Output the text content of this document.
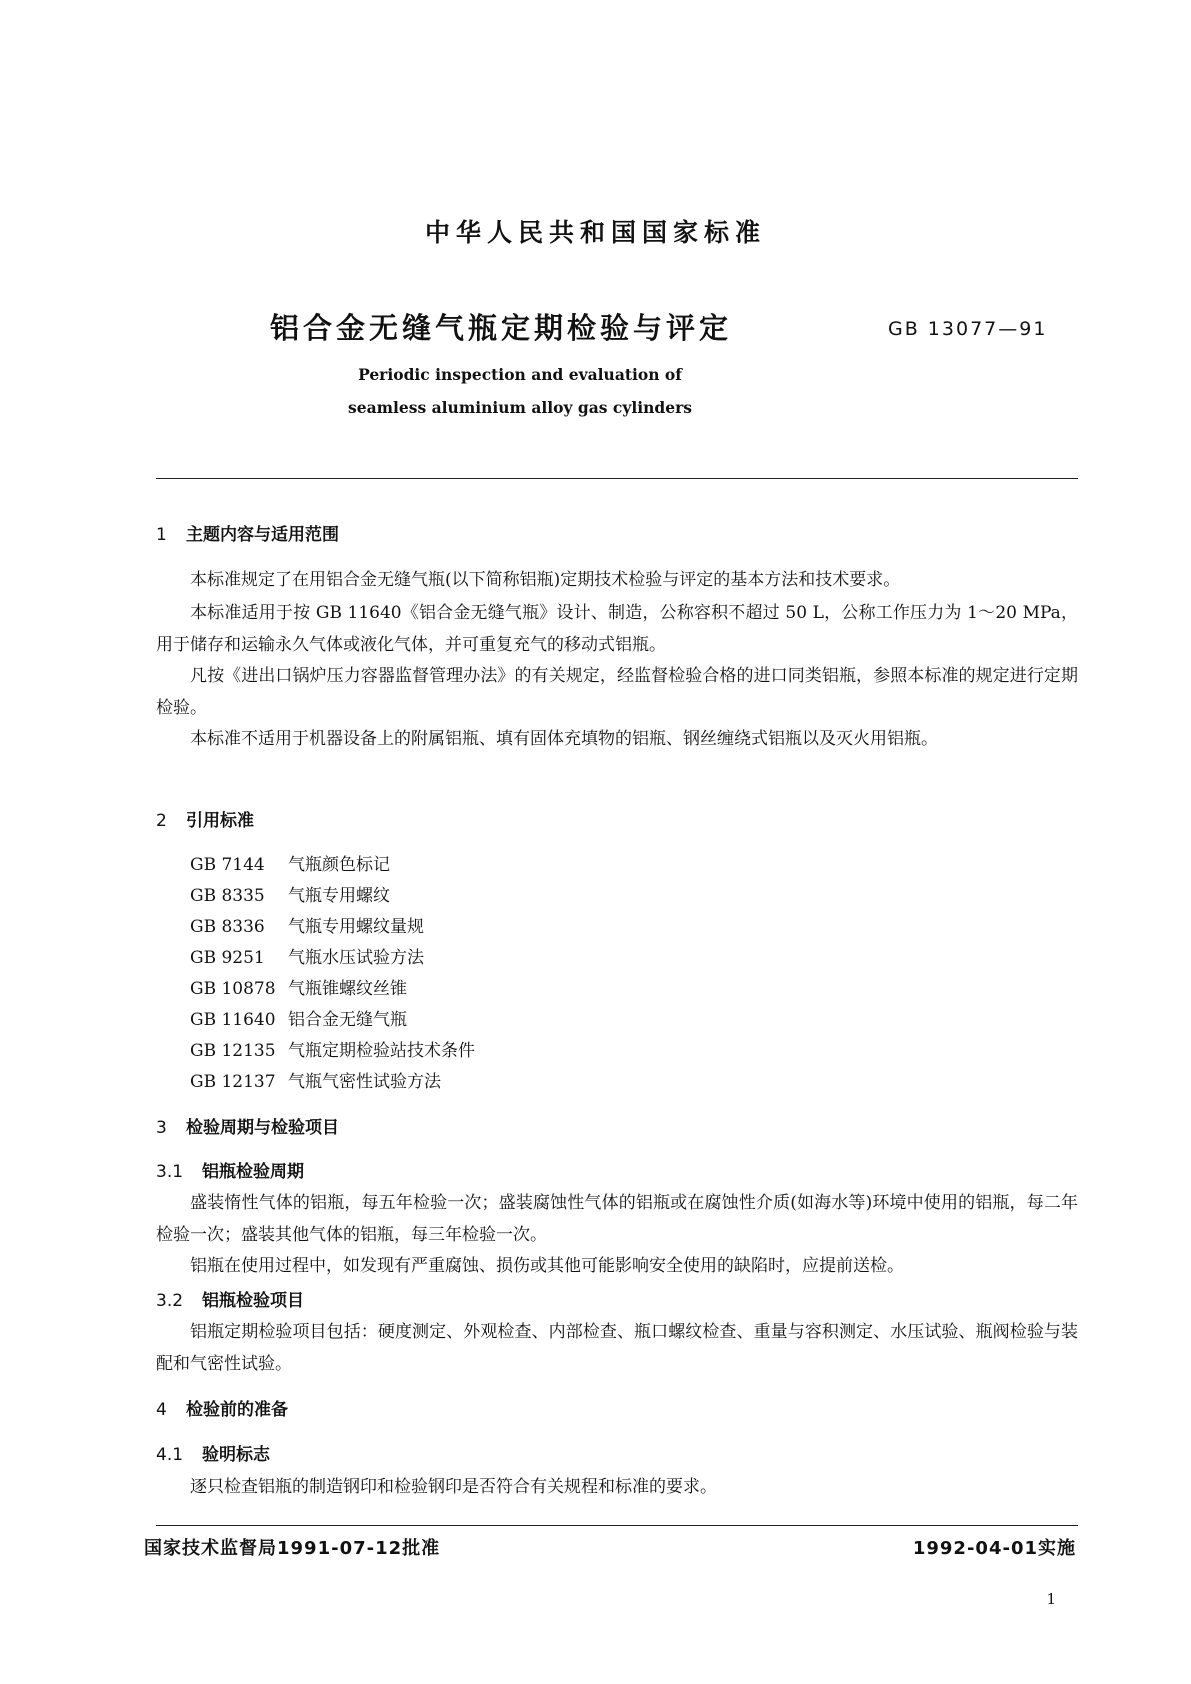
中华人民共和国国家标准
铝合金无缝气瓶定期检验与评定	GB 13077—91
Periodic inspection and evaluation of
seamless aluminium alloy gas cylinders
1 主题内容与适用范围
本标准规定了在用铝合金无缝气瓶(以下简称铝瓶)定期技术检验与评定的基本方法和技术要求。
本标准适用于按 GB 11640《铝合金无缝气瓶》设计、制造，公称容积不超过 50 L，公称工作压力为 1～20 MPa，用于储存和运输永久气体或液化气体，并可重复充气的移动式铝瓶。
凡按《进出口锅炉压力容器监督管理办法》的有关规定，经监督检验合格的进口同类铝瓶，参照本标准的规定进行定期检验。
本标准不适用于机器设备上的附属铝瓶、填有固体充填物的铝瓶、钢丝缠绕式铝瓶以及灭火用铝瓶。
2 引用标准
GB 7144 气瓶颜色标记
GB 8335 气瓶专用螺纹
GB 8336 气瓶专用螺纹量规
GB 9251 气瓶水压试验方法
GB 10878 气瓶锥螺纹丝锥
GB 11640 铝合金无缝气瓶
GB 12135 气瓶定期检验站技术条件
GB 12137 气瓶气密性试验方法
3 检验周期与检验项目
3.1 铝瓶检验周期
盛装惰性气体的铝瓶，每五年检验一次；盛装腐蚀性气体的铝瓶或在腐蚀性介质(如海水等)环境中使用的铝瓶，每二年检验一次；盛装其他气体的铝瓶，每三年检验一次。
铝瓶在使用过程中，如发现有严重腐蚀、损伤或其他可能影响安全使用的缺陷时，应提前送检。
3.2 铝瓶检验项目
铝瓶定期检验项目包括：硬度测定、外观检查、内部检查、瓶口螺纹检查、重量与容积测定、水压试验、瓶阀检验与装配和气密性试验。
4 检验前的准备
4.1 验明标志
逐只检查铝瓶的制造钢印和检验钢印是否符合有关规程和标准的要求。
国家技术监督局1991-07-12批准	1992-04-01实施
1
